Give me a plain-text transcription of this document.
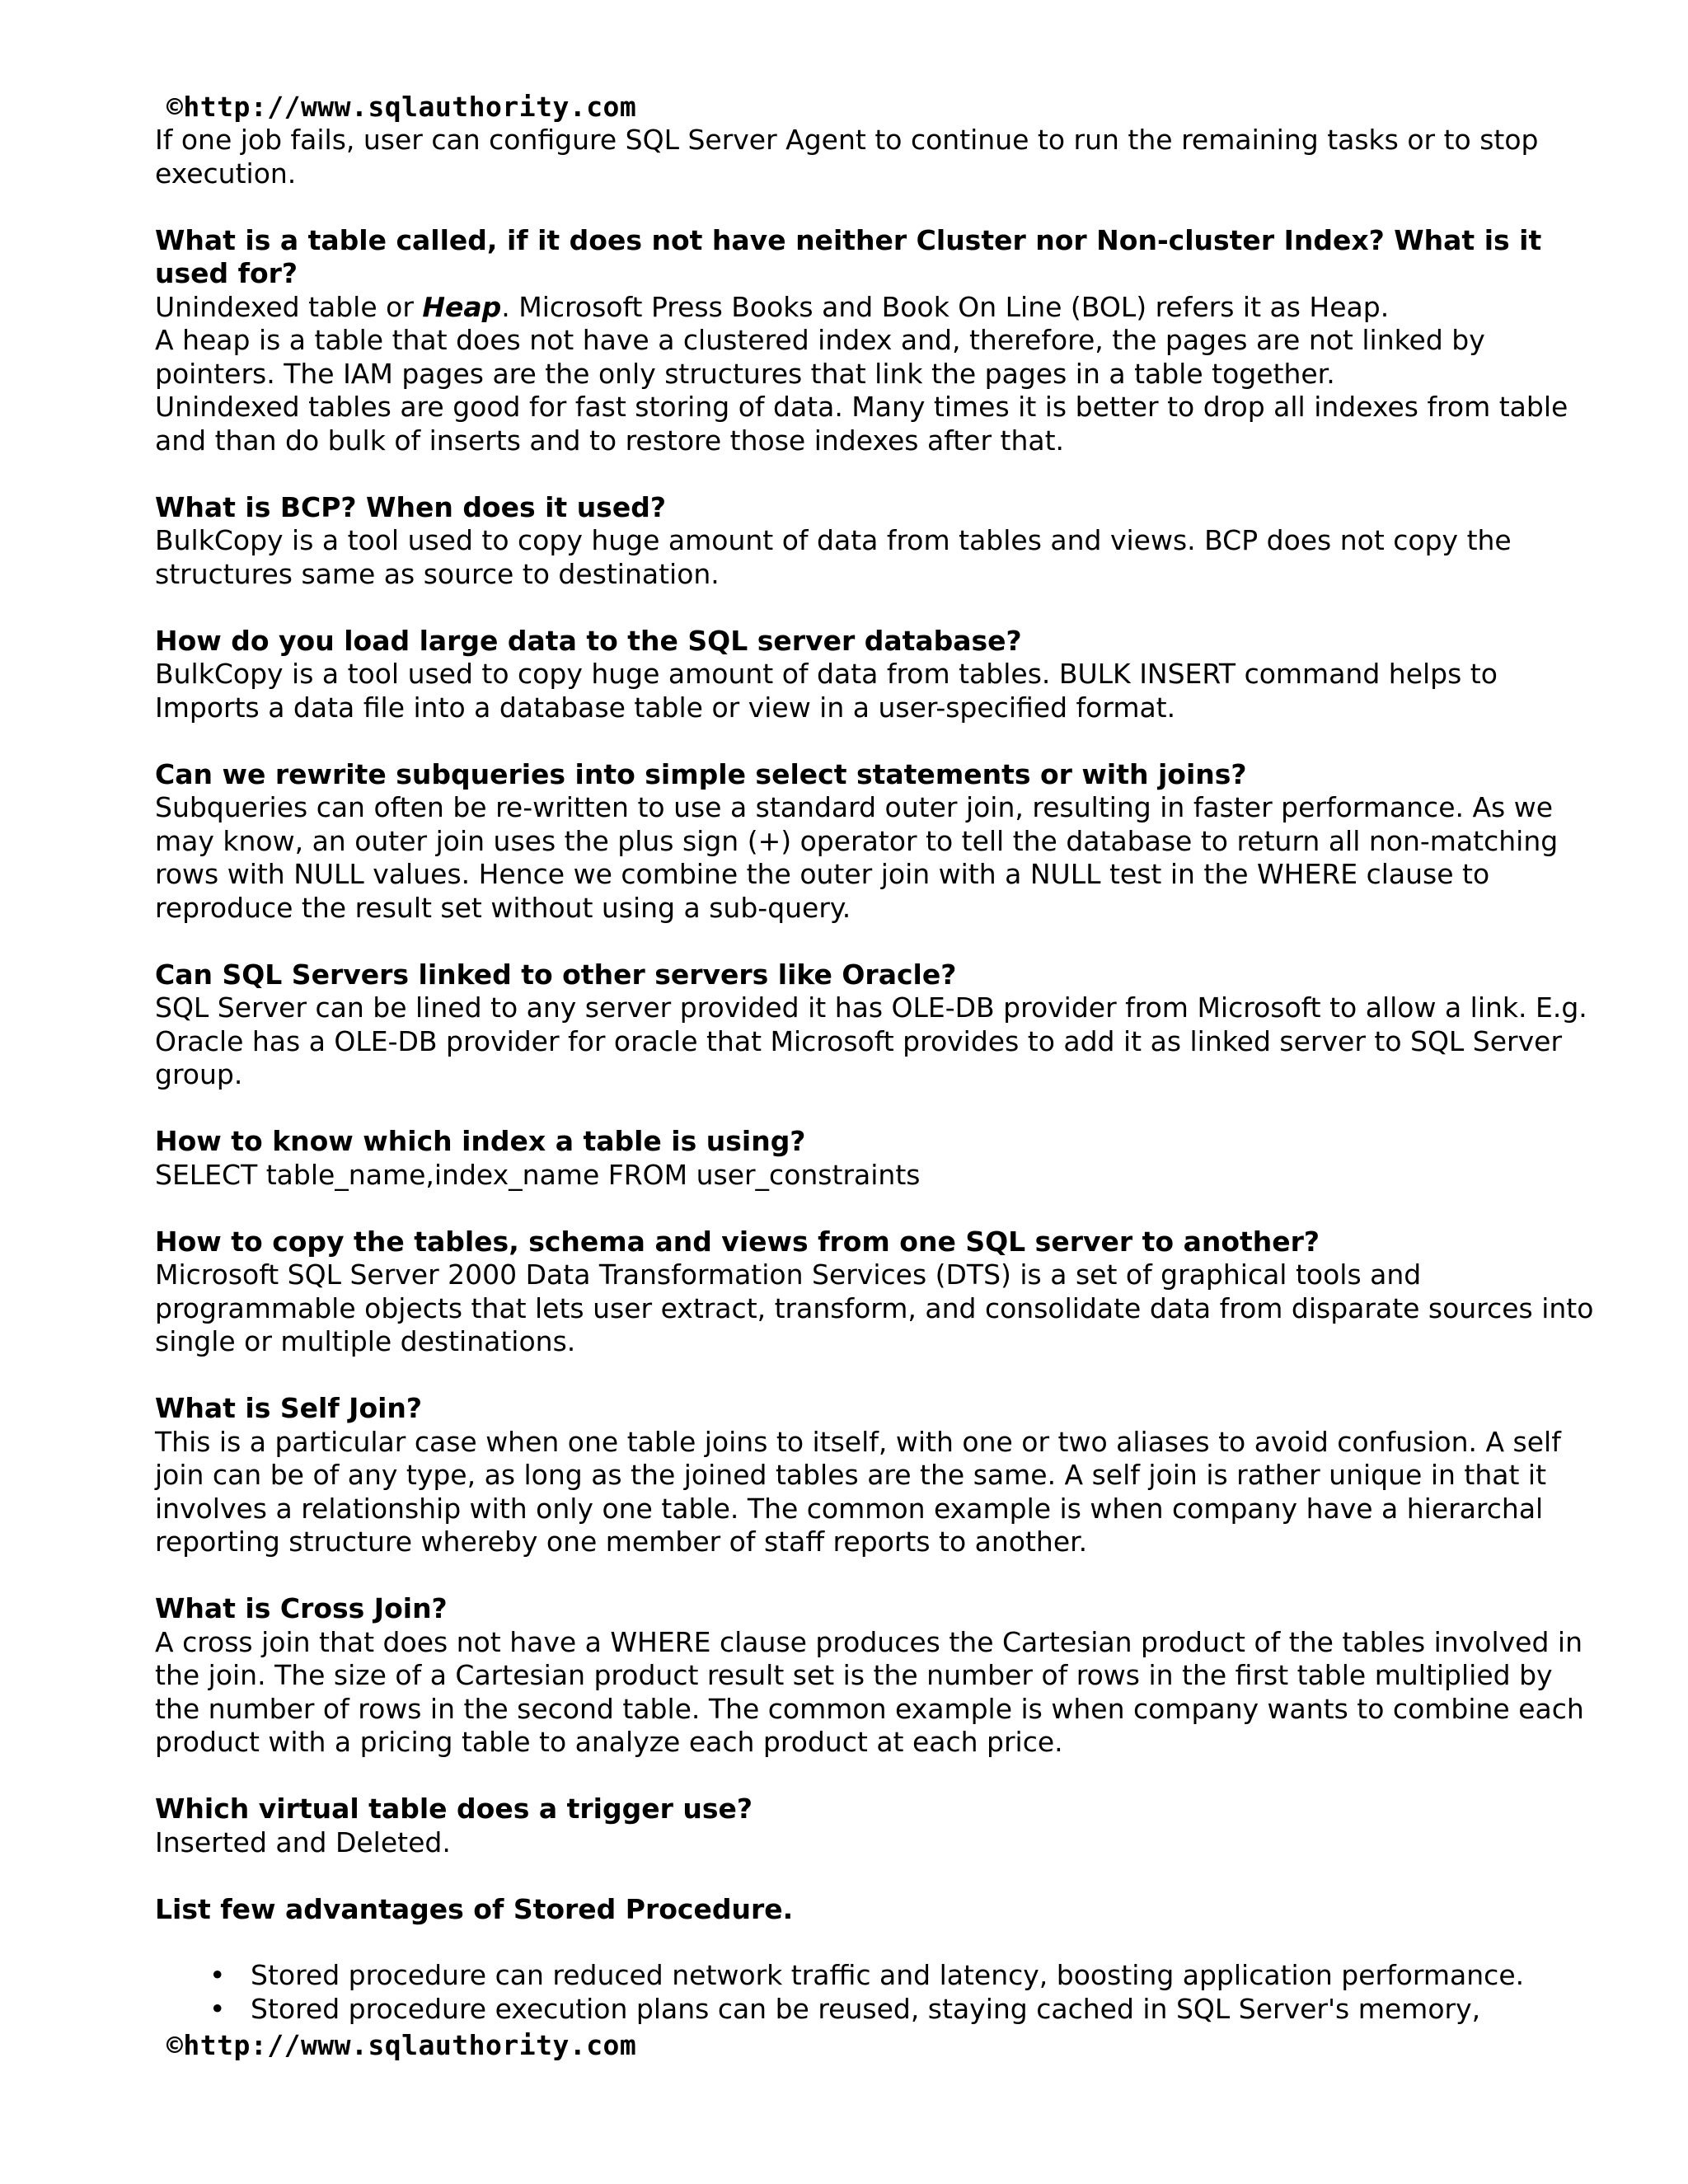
©http://www.sqlauthority.com

If one job fails, user can configure SQL Server Agent to continue to run the remaining tasks or to stop execution.

What is a table called, if it does not have neither Cluster nor Non-cluster Index? What is it used for?

Unindexed table or Heap. Microsoft Press Books and Book On Line (BOL) refers it as Heap.

A heap is a table that does not have a clustered index and, therefore, the pages are not linked by pointers. The IAM pages are the only structures that link the pages in a table together.

Unindexed tables are good for fast storing of data. Many times it is better to drop all indexes from table and than do bulk of inserts and to restore those indexes after that.

What is BCP? When does it used?

BulkCopy is a tool used to copy huge amount of data from tables and views. BCP does not copy the structures same as source to destination.

How do you load large data to the SQL server database?

BulkCopy is a tool used to copy huge amount of data from tables. BULK INSERT command helps to Imports a data file into a database table or view in a user-specified format.

Can we rewrite subqueries into simple select statements or with joins?

Subqueries can often be re-written to use a standard outer join, resulting in faster performance. As we may know, an outer join uses the plus sign (+) operator to tell the database to return all non-matching rows with NULL values. Hence we combine the outer join with a NULL test in the WHERE clause to reproduce the result set without using a sub-query.

Can SQL Servers linked to other servers like Oracle?

SQL Server can be lined to any server provided it has OLE-DB provider from Microsoft to allow a link. E.g. Oracle has a OLE-DB provider for oracle that Microsoft provides to add it as linked server to SQL Server group.

How to know which index a table is using?

SELECT table_name,index_name FROM user_constraints

How to copy the tables, schema and views from one SQL server to another?

Microsoft SQL Server 2000 Data Transformation Services (DTS) is a set of graphical tools and programmable objects that lets user extract, transform, and consolidate data from disparate sources into single or multiple destinations.

What is Self Join?

This is a particular case when one table joins to itself, with one or two aliases to avoid confusion. A self join can be of any type, as long as the joined tables are the same. A self join is rather unique in that it involves a relationship with only one table. The common example is when company have a hierarchal reporting structure whereby one member of staff reports to another.

What is Cross Join?

A cross join that does not have a WHERE clause produces the Cartesian product of the tables involved in the join. The size of a Cartesian product result set is the number of rows in the first table multiplied by the number of rows in the second table. The common example is when company wants to combine each product with a pricing table to analyze each product at each price.

Which virtual table does a trigger use?

Inserted and Deleted.

List few advantages of Stored Procedure.

• Stored procedure can reduced network traffic and latency, boosting application performance.
• Stored procedure execution plans can be reused, staying cached in SQL Server's memory,
©http://www.sqlauthority.com
